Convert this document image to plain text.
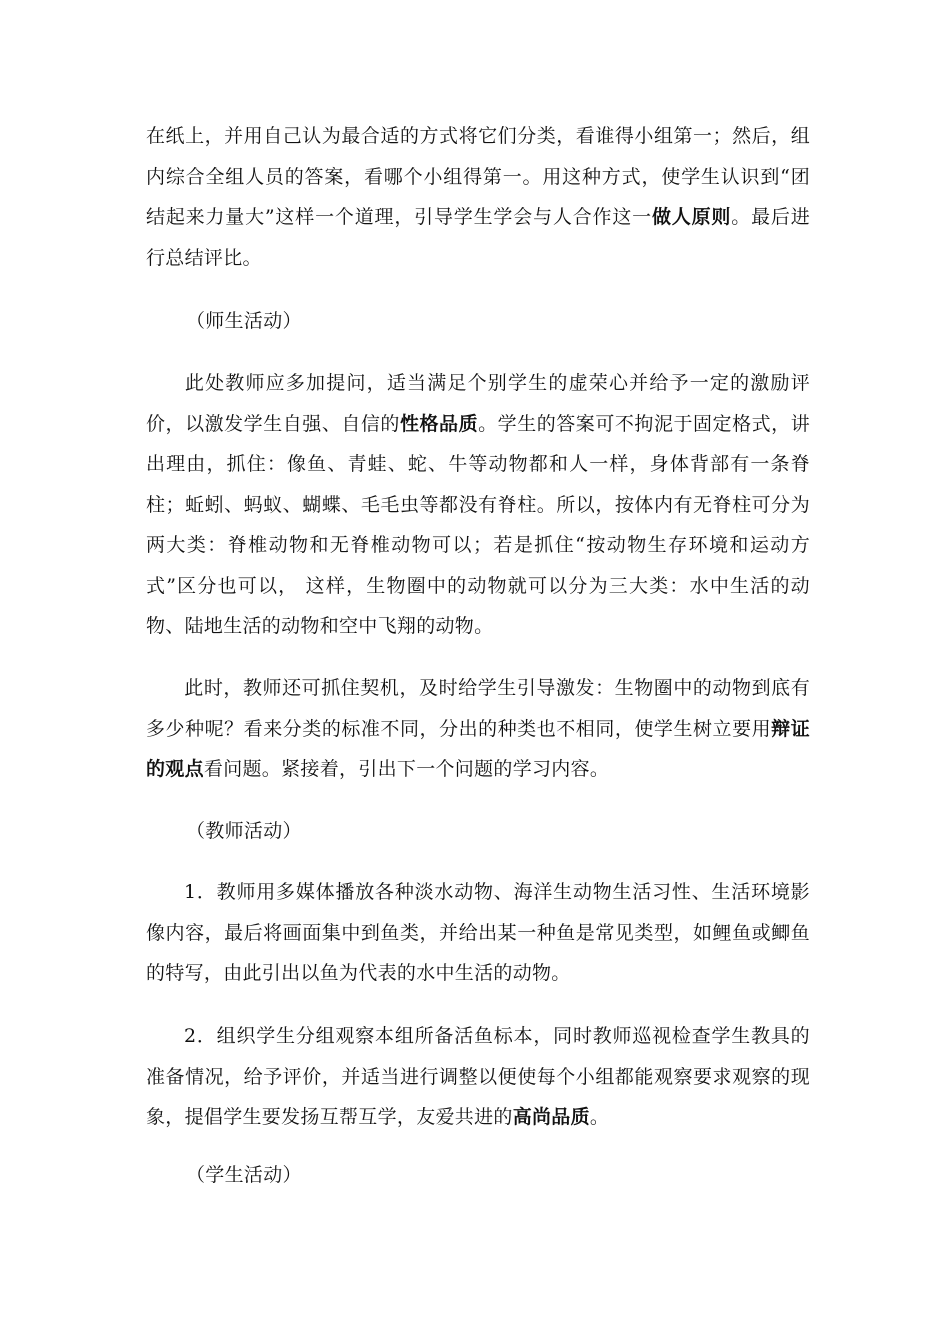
在纸上，并用自己认为最合适的方式将它们分类，看谁得小组第一；然后，组内综合全组人员的答案，看哪个小组得第一。用这种方式，使学生认识到“团结起来力量大”这样一个道理，引导学生学会与人合作这一做人原则。最后进行总结评比。

（师生活动）

此处教师应多加提问，适当满足个别学生的虚荣心并给予一定的激励评价，以激发学生自强、自信的性格品质。学生的答案可不拘泥于固定格式，讲出理由，抓住：像鱼、青蛙、蛇、牛等动物都和人一样，身体背部有一条脊柱；蚯蚓、蚂蚁、蝴蝶、毛毛虫等都没有脊柱。所以，按体内有无脊柱可分为两大类：脊椎动物和无脊椎动物可以；若是抓住“按动物生存环境和运动方式”区分也可以， 这样，生物圈中的动物就可以分为三大类：水中生活的动物、陆地生活的动物和空中飞翔的动物。

此时，教师还可抓住契机，及时给学生引导激发：生物圈中的动物到底有多少种呢？看来分类的标准不同，分出的种类也不相同，使学生树立要用辩证的观点看问题。紧接着，引出下一个问题的学习内容。

（教师活动）

1．教师用多媒体播放各种淡水动物、海洋生动物生活习性、生活环境影像内容，最后将画面集中到鱼类，并给出某一种鱼是常见类型，如鲤鱼或鲫鱼的特写，由此引出以鱼为代表的水中生活的动物。

2．组织学生分组观察本组所备活鱼标本，同时教师巡视检查学生教具的准备情况，给予评价，并适当进行调整以便使每个小组都能观察要求观察的现象，提倡学生要发扬互帮互学，友爱共进的高尚品质。

（学生活动）
